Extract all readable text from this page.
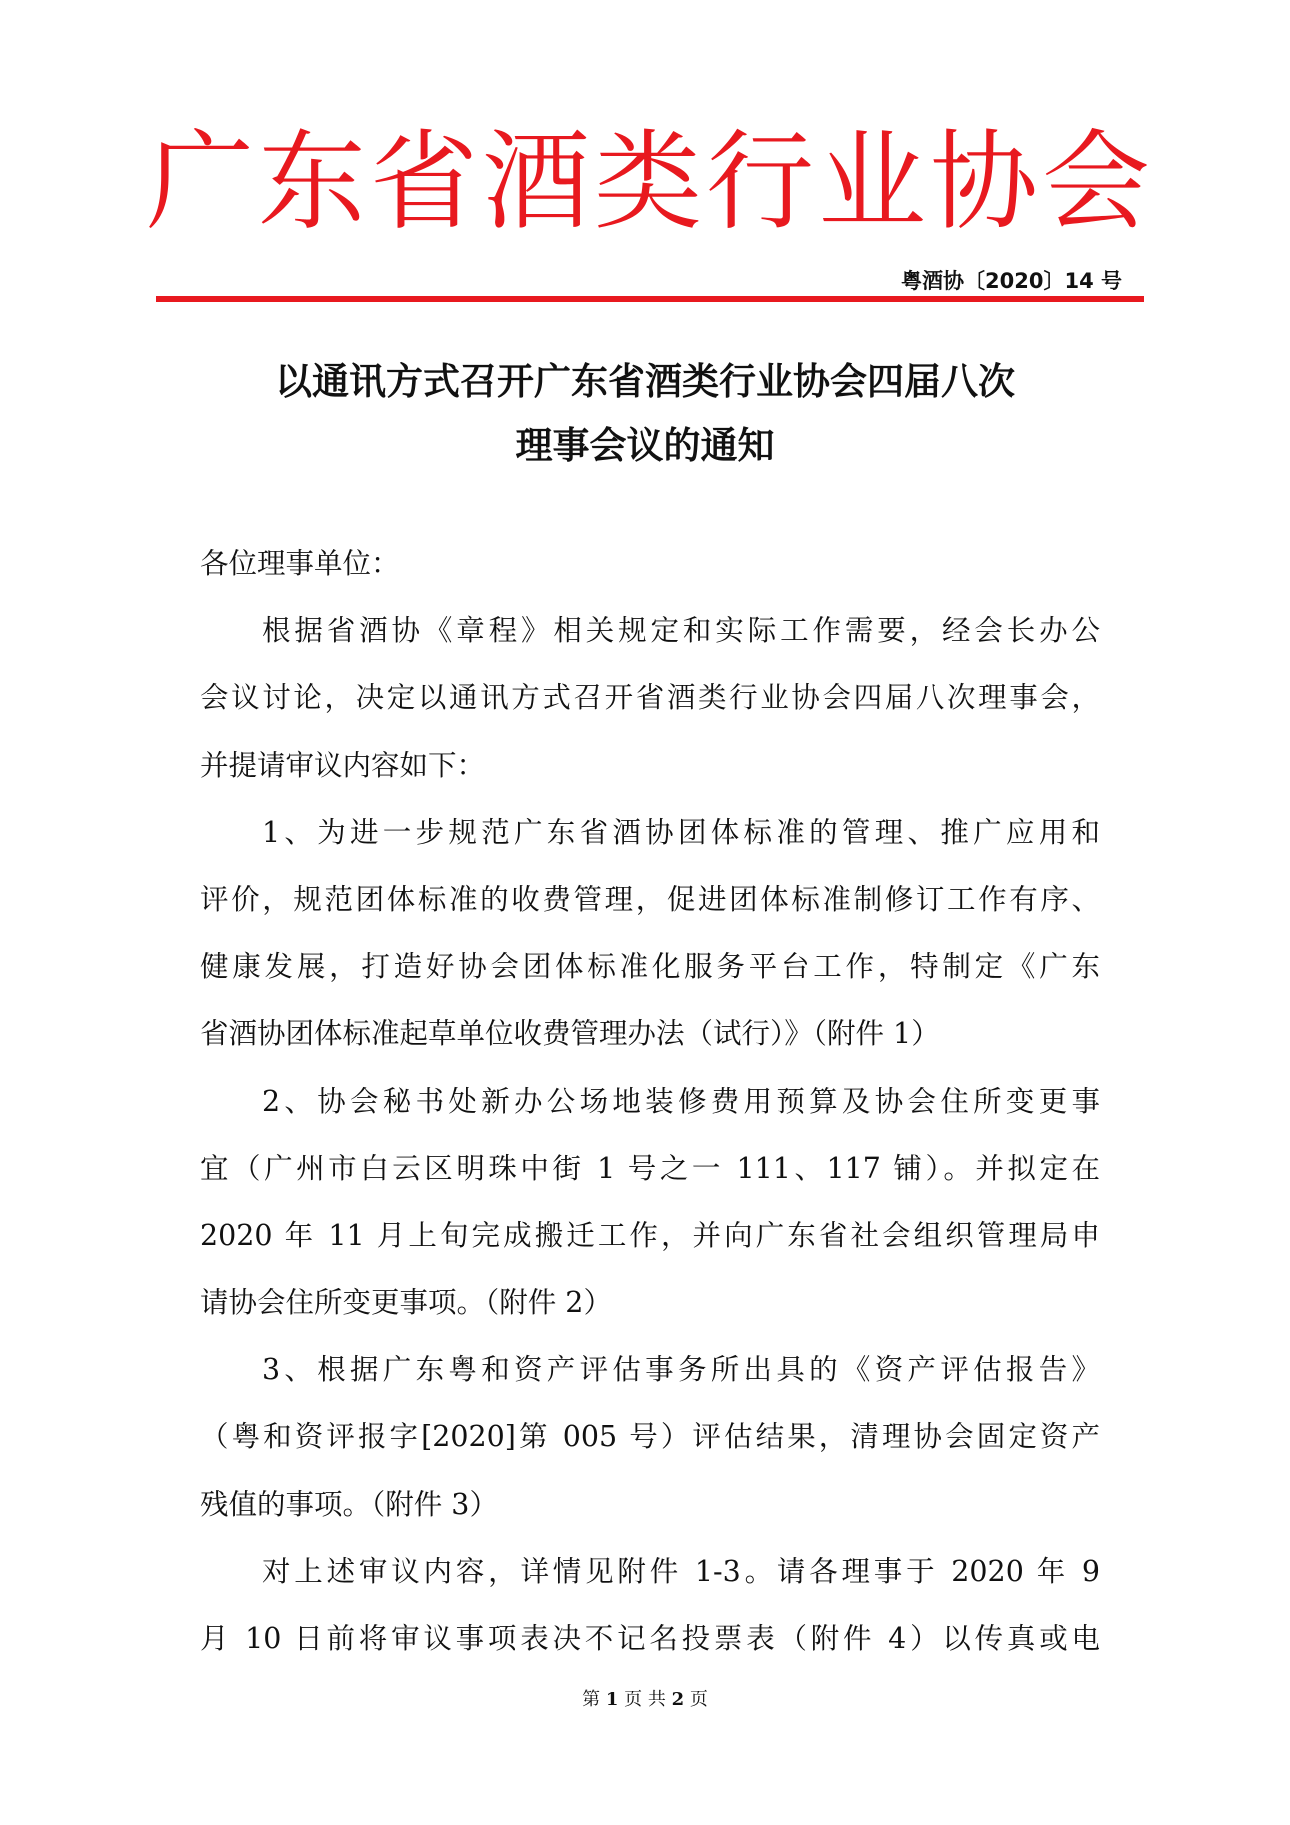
广东省酒类行业协会
粤酒协〔2020〕14 号
以通讯方式召开广东省酒类行业协会四届八次
理事会议的通知
各位理事单位：
根据省酒协《章程》相关规定和实际工作需要，经会长办公
会议讨论，决定以通讯方式召开省酒类行业协会四届八次理事会，
并提请审议内容如下：
1、为进一步规范广东省酒协团体标准的管理、推广应用和
评价，规范团体标准的收费管理，促进团体标准制修订工作有序、
健康发展，打造好协会团体标准化服务平台工作，特制定《广东
省酒协团体标准起草单位收费管理办法（试行）》（附件 1）
2、协会秘书处新办公场地装修费用预算及协会住所变更事
宜（广州市白云区明珠中街 1 号之一 111、117 铺）。并拟定在
2020 年 11 月上旬完成搬迁工作，并向广东省社会组织管理局申
请协会住所变更事项。（附件 2）
3、根据广东粤和资产评估事务所出具的《资产评估报告》
（粤和资评报字[2020]第 005 号）评估结果，清理协会固定资产
残值的事项。（附件 3）
对上述审议内容，详情见附件 1-3。请各理事于 2020 年 9
月 10 日前将审议事项表决不记名投票表（附件 4）以传真或电
第 1 页 共 2 页
